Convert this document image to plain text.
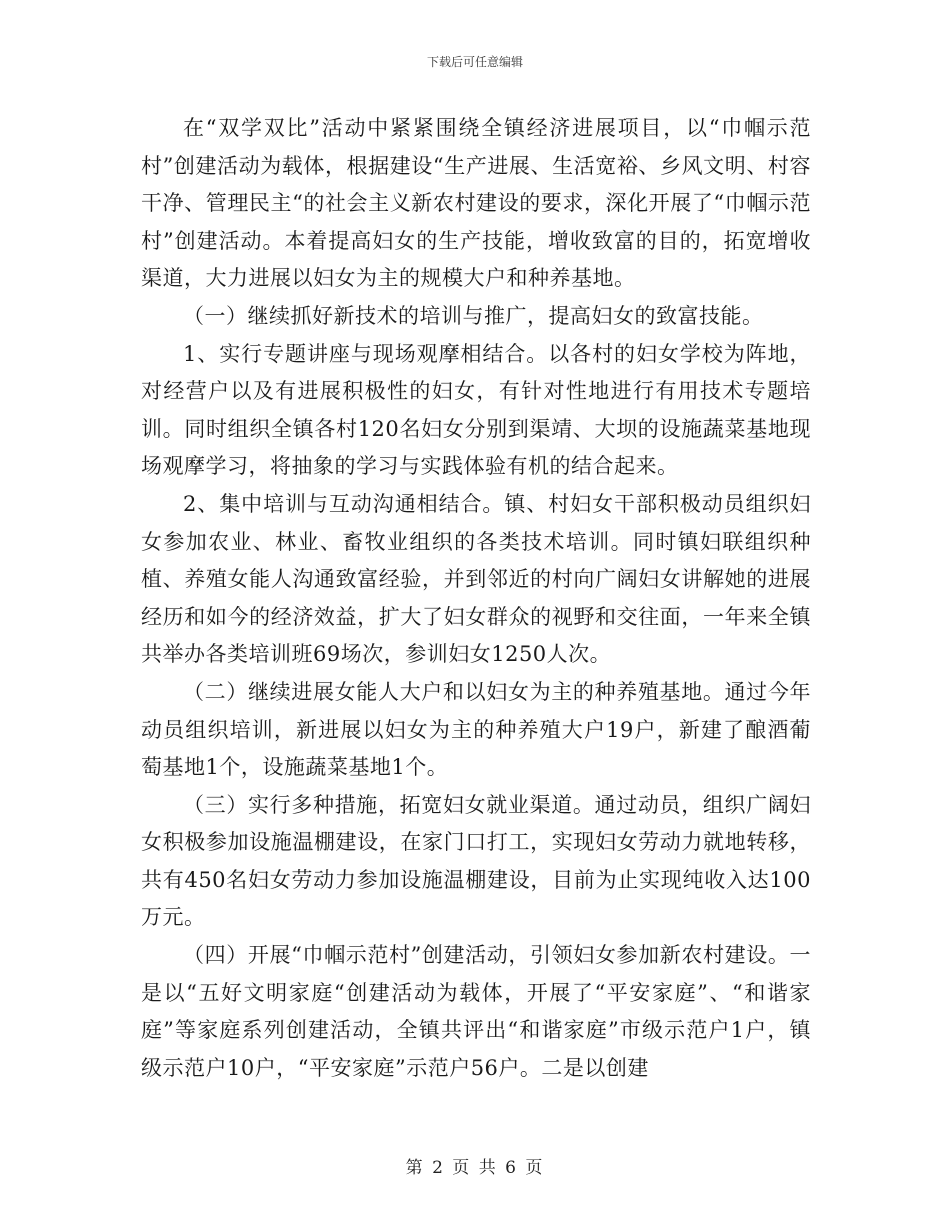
下载后可任意编辑

在“双学双比”活动中紧紧围绕全镇经济进展项目，以“巾帼示范村”创建活动为载体，根据建设“生产进展、生活宽裕、乡风文明、村容干净、管理民主“的社会主义新农村建设的要求，深化开展了“巾帼示范村”创建活动。本着提高妇女的生产技能，增收致富的目的，拓宽增收渠道，大力进展以妇女为主的规模大户和种养基地。

（一）继续抓好新技术的培训与推广，提高妇女的致富技能。

1、实行专题讲座与现场观摩相结合。以各村的妇女学校为阵地，对经营户以及有进展积极性的妇女，有针对性地进行有用技术专题培训。同时组织全镇各村120名妇女分别到渠靖、大坝的设施蔬菜基地现场观摩学习，将抽象的学习与实践体验有机的结合起来。

2、集中培训与互动沟通相结合。镇、村妇女干部积极动员组织妇女参加农业、林业、畜牧业组织的各类技术培训。同时镇妇联组织种植、养殖女能人沟通致富经验，并到邻近的村向广阔妇女讲解她的进展经历和如今的经济效益，扩大了妇女群众的视野和交往面，一年来全镇共举办各类培训班69场次，参训妇女1250人次。

（二）继续进展女能人大户和以妇女为主的种养殖基地。通过今年动员组织培训，新进展以妇女为主的种养殖大户19户，新建了酿酒葡萄基地1个，设施蔬菜基地1个。

（三）实行多种措施，拓宽妇女就业渠道。通过动员，组织广阔妇女积极参加设施温棚建设，在家门口打工，实现妇女劳动力就地转移，共有450名妇女劳动力参加设施温棚建设，目前为止实现纯收入达100万元。

（四）开展“巾帼示范村”创建活动，引领妇女参加新农村建设。一是以“五好文明家庭“创建活动为载体，开展了“平安家庭”、“和谐家庭”等家庭系列创建活动，全镇共评出“和谐家庭”市级示范户1户，镇级示范户10户，“平安家庭”示范户56户。二是以创建

第 2 页 共 6 页
